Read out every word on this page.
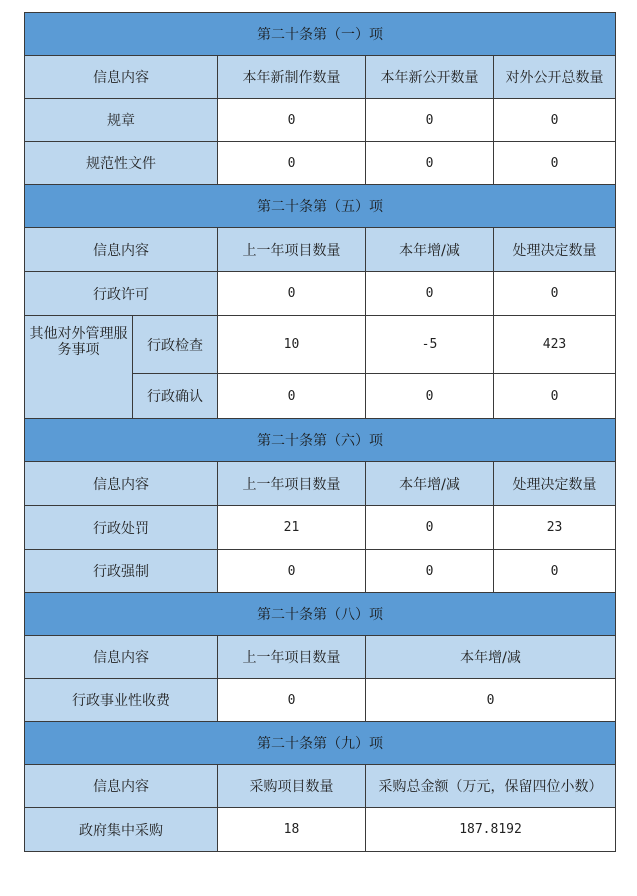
第二十条第（一）项				
信息内容		本年新制作数量	本年新公开数量	对外公开总数量
规章		0	0	0
规范性文件		0	0	0
第二十条第（五）项				
信息内容		上一年项目数量	本年增/减	处理决定数量
行政许可		0	0	0
其他对外管理服务事项	行政检查	10	-5	423
	行政确认	0	0	0
第二十条第（六）项				
信息内容		上一年项目数量	本年增/减	处理决定数量
行政处罚		21	0	23
行政强制		0	0	0
第二十条第（八）项				
信息内容		上一年项目数量	本年增/减	
行政事业性收费		0	0	
第二十条第（九）项				
信息内容		采购项目数量	采购总金额（万元，保留四位小数）	
政府集中采购		18	187.8192	
